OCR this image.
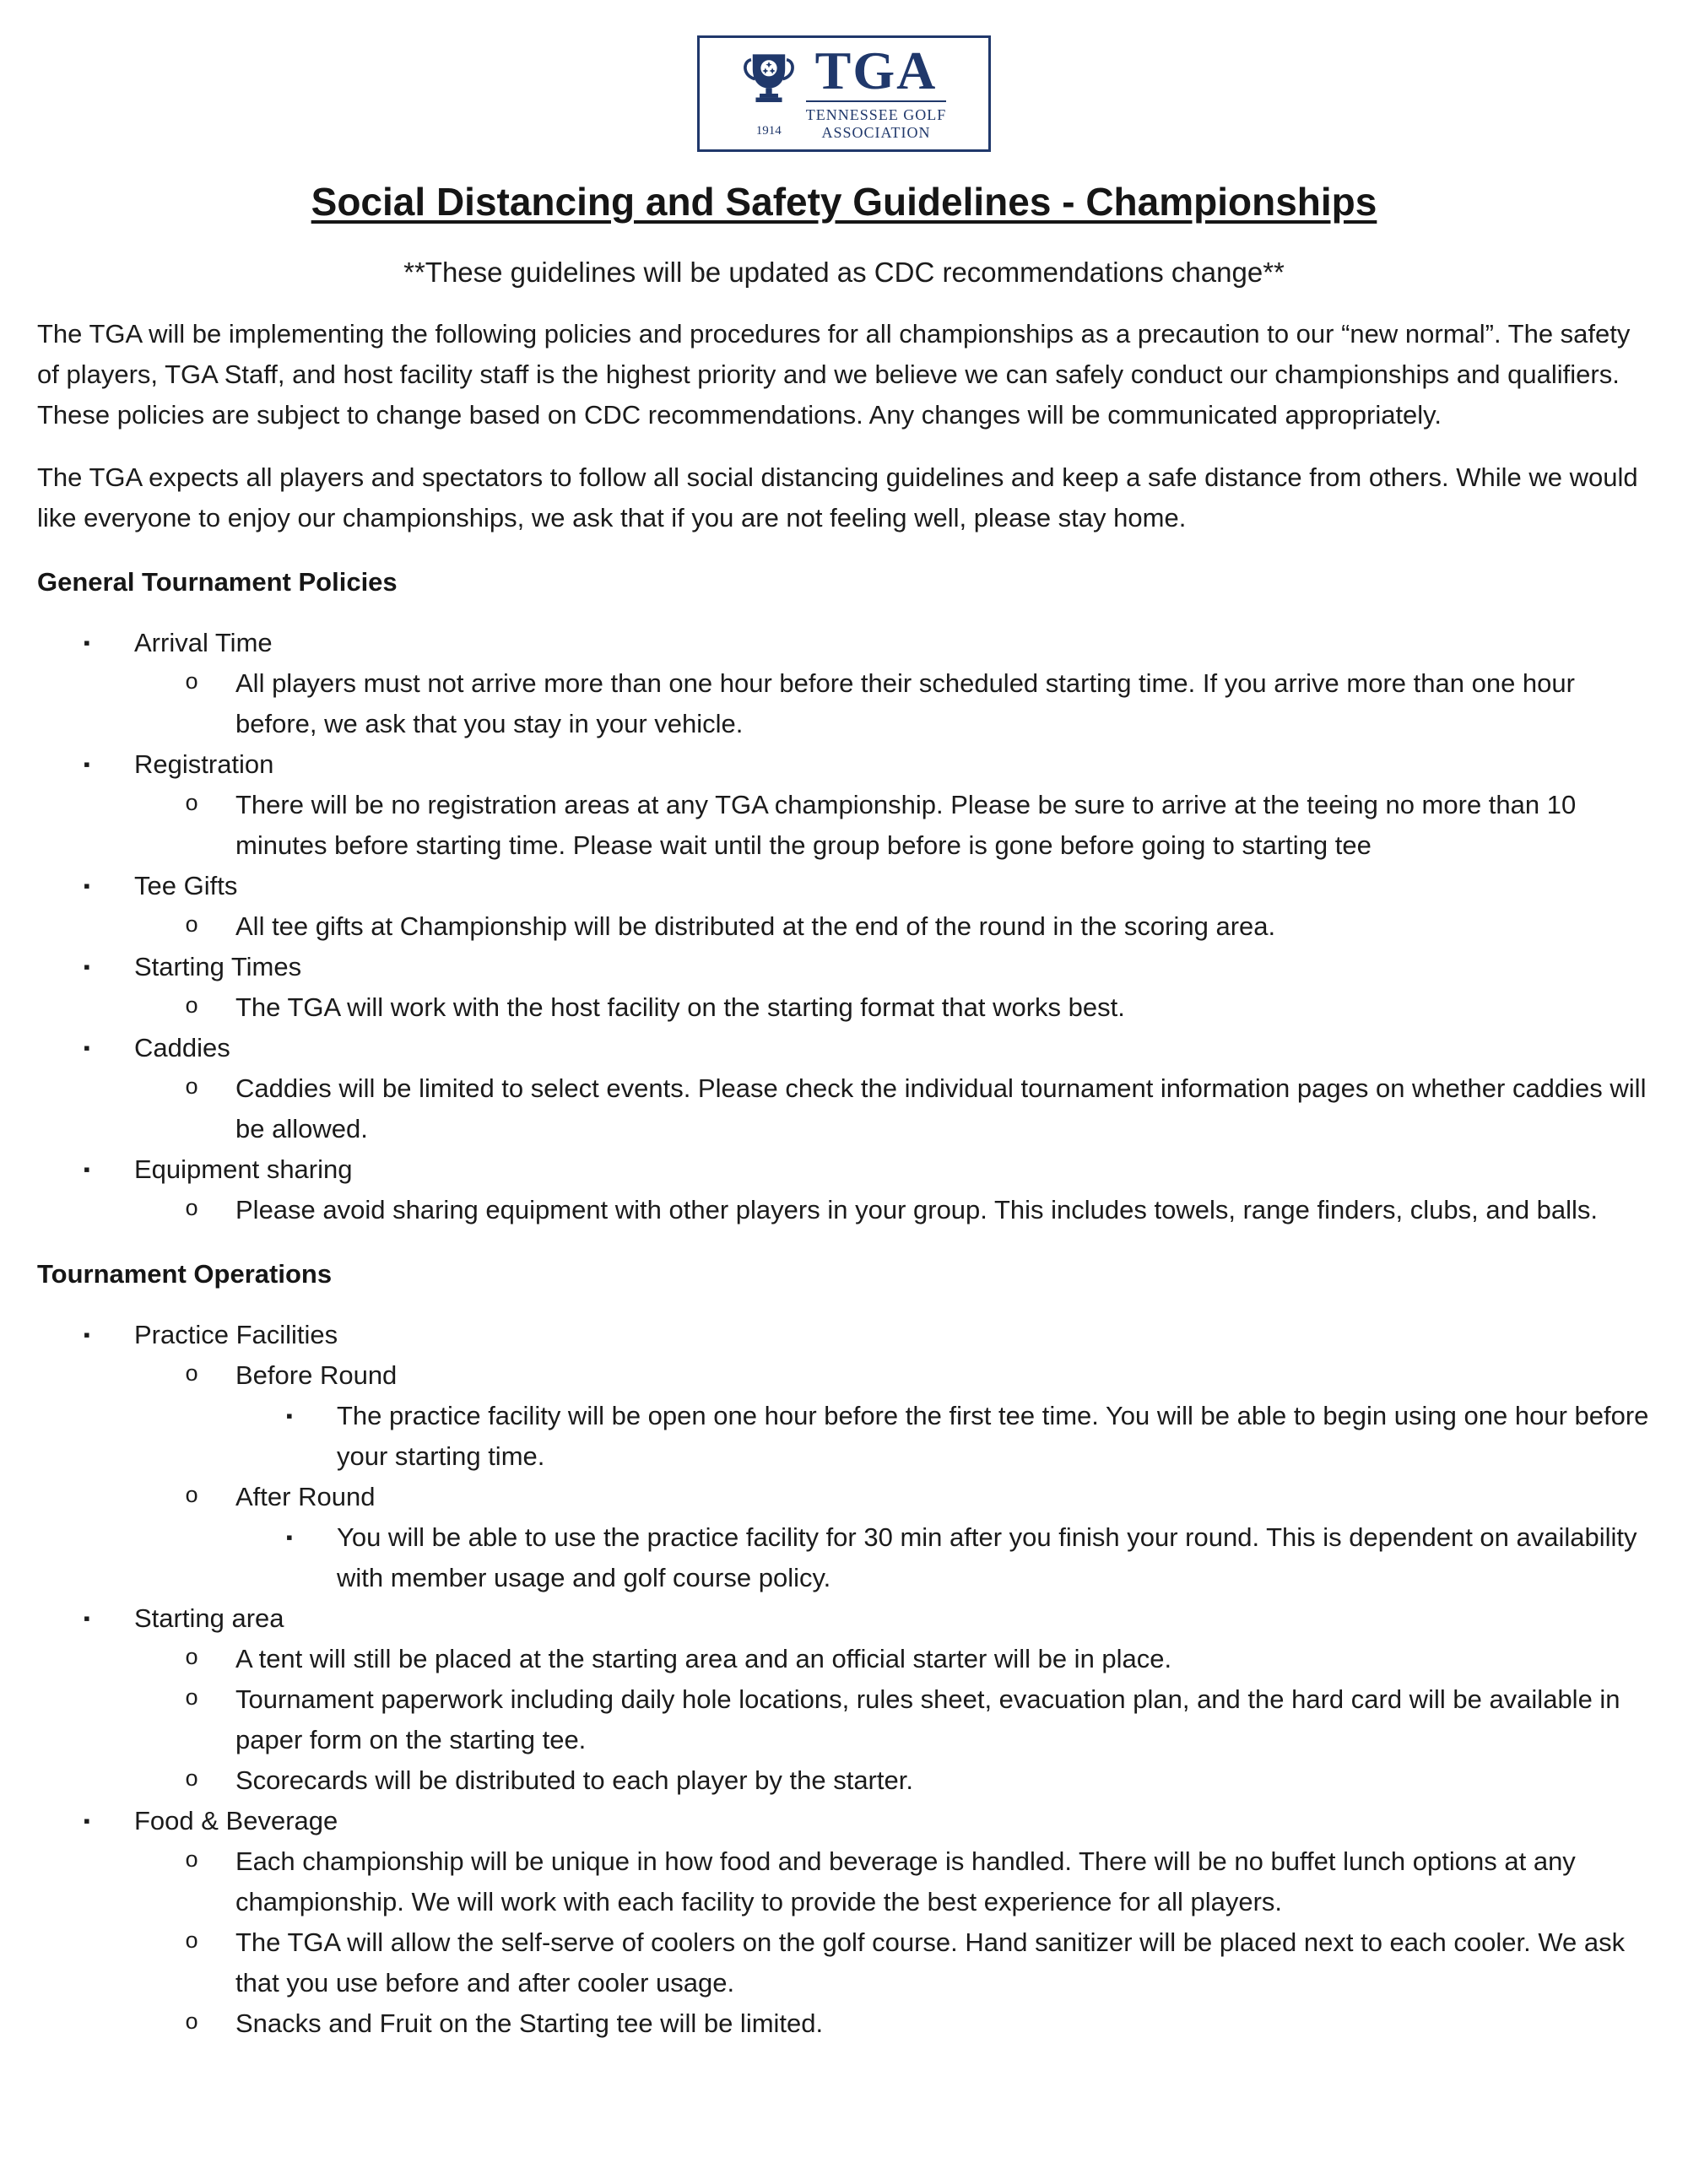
1914
TGA
TENNESSEE GOLF
ASSOCIATION
Social Distancing and Safety Guidelines - Championships

**These guidelines will be updated as CDC recommendations change**

The TGA will be implementing the following policies and procedures for all championships as a precaution to our “new normal”. The safety of players, TGA Staff, and host facility staff is the highest priority and we believe we can safely conduct our championships and qualifiers. These policies are subject to change based on CDC recommendations. Any changes will be communicated appropriately.

The TGA expects all players and spectators to follow all social distancing guidelines and keep a safe distance from others. While we would like everyone to enjoy our championships, we ask that if you are not feeling well, please stay home.

General Tournament Policies
▪	Arrival Time
o	All players must not arrive more than one hour before their scheduled starting time. If you arrive more than one hour before, we ask that you stay in your vehicle.
▪	Registration
o	There will be no registration areas at any TGA championship. Please be sure to arrive at the teeing no more than 10 minutes before starting time. Please wait until the group before is gone before going to starting tee
▪	Tee Gifts
o	All tee gifts at Championship will be distributed at the end of the round in the scoring area.
▪	Starting Times
o	The TGA will work with the host facility on the starting format that works best.
▪	Caddies
o	Caddies will be limited to select events. Please check the individual tournament information pages on whether caddies will be allowed.
▪	Equipment sharing
o	Please avoid sharing equipment with other players in your group. This includes towels, range finders, clubs, and balls.
Tournament Operations
▪	Practice Facilities
o	Before Round
▪	The practice facility will be open one hour before the first tee time. You will be able to begin using one hour before your starting time.
o	After Round
▪	You will be able to use the practice facility for 30 min after you finish your round. This is dependent on availability with member usage and golf course policy.
▪	Starting area
o	A tent will still be placed at the starting area and an official starter will be in place.
o	Tournament paperwork including daily hole locations, rules sheet, evacuation plan, and the hard card will be available in paper form on the starting tee.
o	Scorecards will be distributed to each player by the starter.
▪	Food & Beverage
o	Each championship will be unique in how food and beverage is handled. There will be no buffet lunch options at any championship. We will work with each facility to provide the best experience for all players.
o	The TGA will allow the self-serve of coolers on the golf course. Hand sanitizer will be placed next to each cooler. We ask that you use before and after cooler usage.
o	Snacks and Fruit on the Starting tee will be limited.
